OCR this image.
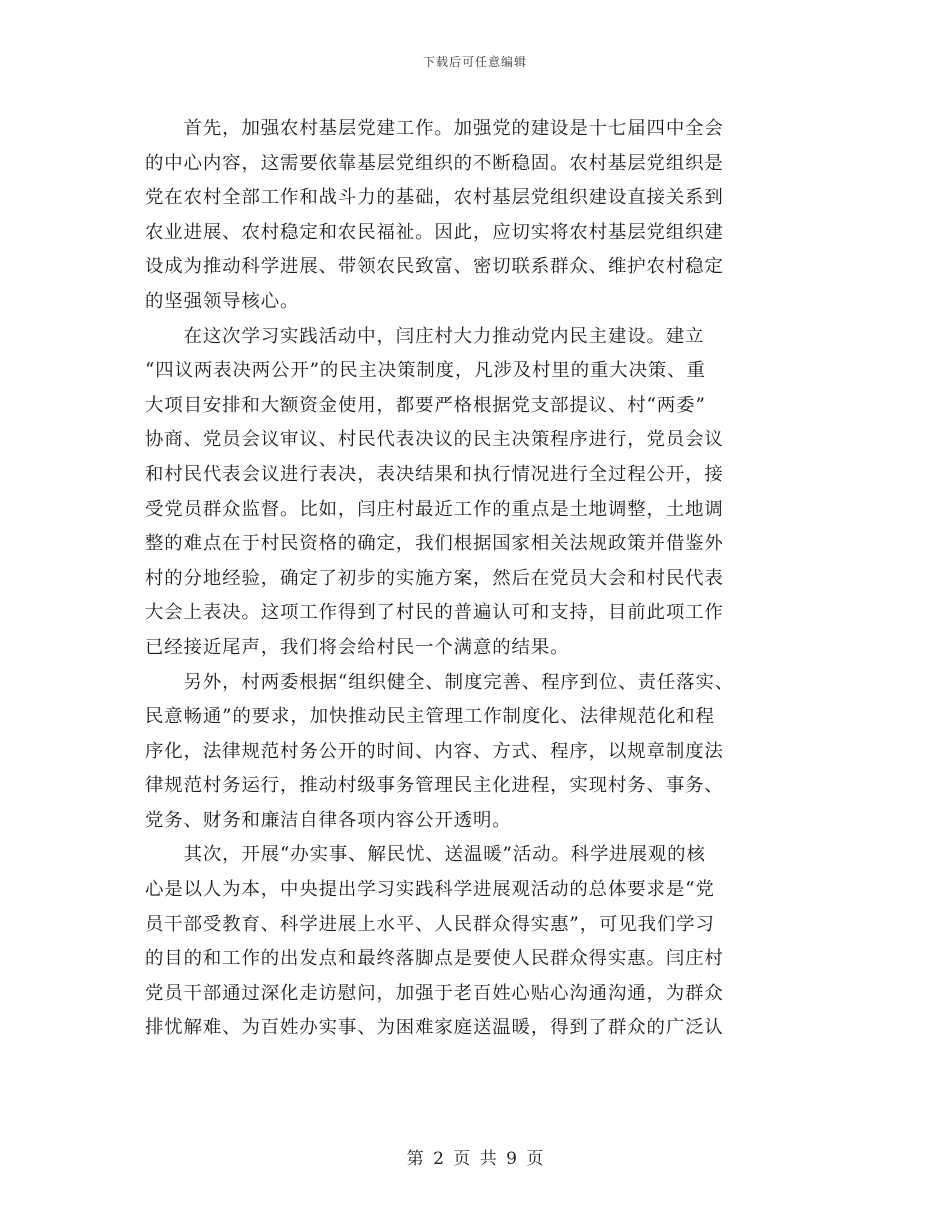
下载后可任意编辑

　　首先，加强农村基层党建工作。加强党的建设是十七届四中全会
的中心内容，这需要依靠基层党组织的不断稳固。农村基层党组织是
党在农村全部工作和战斗力的基础，农村基层党组织建设直接关系到
农业进展、农村稳定和农民福祉。因此，应切实将农村基层党组织建
设成为推动科学进展、带领农民致富、密切联系群众、维护农村稳定
的坚强领导核心。

　　在这次学习实践活动中，闫庄村大力推动党内民主建设。建立
“四议两表决两公开”的民主决策制度，凡涉及村里的重大决策、重
大项目安排和大额资金使用，都要严格根据党支部提议、村“两委”
协商、党员会议审议、村民代表决议的民主决策程序进行，党员会议
和村民代表会议进行表决，表决结果和执行情况进行全过程公开，接
受党员群众监督。比如，闫庄村最近工作的重点是土地调整，土地调
整的难点在于村民资格的确定，我们根据国家相关法规政策并借鉴外
村的分地经验，确定了初步的实施方案，然后在党员大会和村民代表
大会上表决。这项工作得到了村民的普遍认可和支持，目前此项工作
已经接近尾声，我们将会给村民一个满意的结果。

　　另外，村两委根据“组织健全、制度完善、程序到位、责任落实、
民意畅通”的要求，加快推动民主管理工作制度化、法律规范化和程
序化，法律规范村务公开的时间、内容、方式、程序，以规章制度法
律规范村务运行，推动村级事务管理民主化进程，实现村务、事务、
党务、财务和廉洁自律各项内容公开透明。

　　其次，开展“办实事、解民忧、送温暖”活动。科学进展观的核
心是以人为本，中央提出学习实践科学进展观活动的总体要求是“党
员干部受教育、科学进展上水平、人民群众得实惠”，可见我们学习
的目的和工作的出发点和最终落脚点是要使人民群众得实惠。闫庄村
党员干部通过深化走访慰问，加强于老百姓心贴心沟通沟通，为群众
排忧解难、为百姓办实事、为困难家庭送温暖，得到了群众的广泛认

第 2 页 共 9 页
